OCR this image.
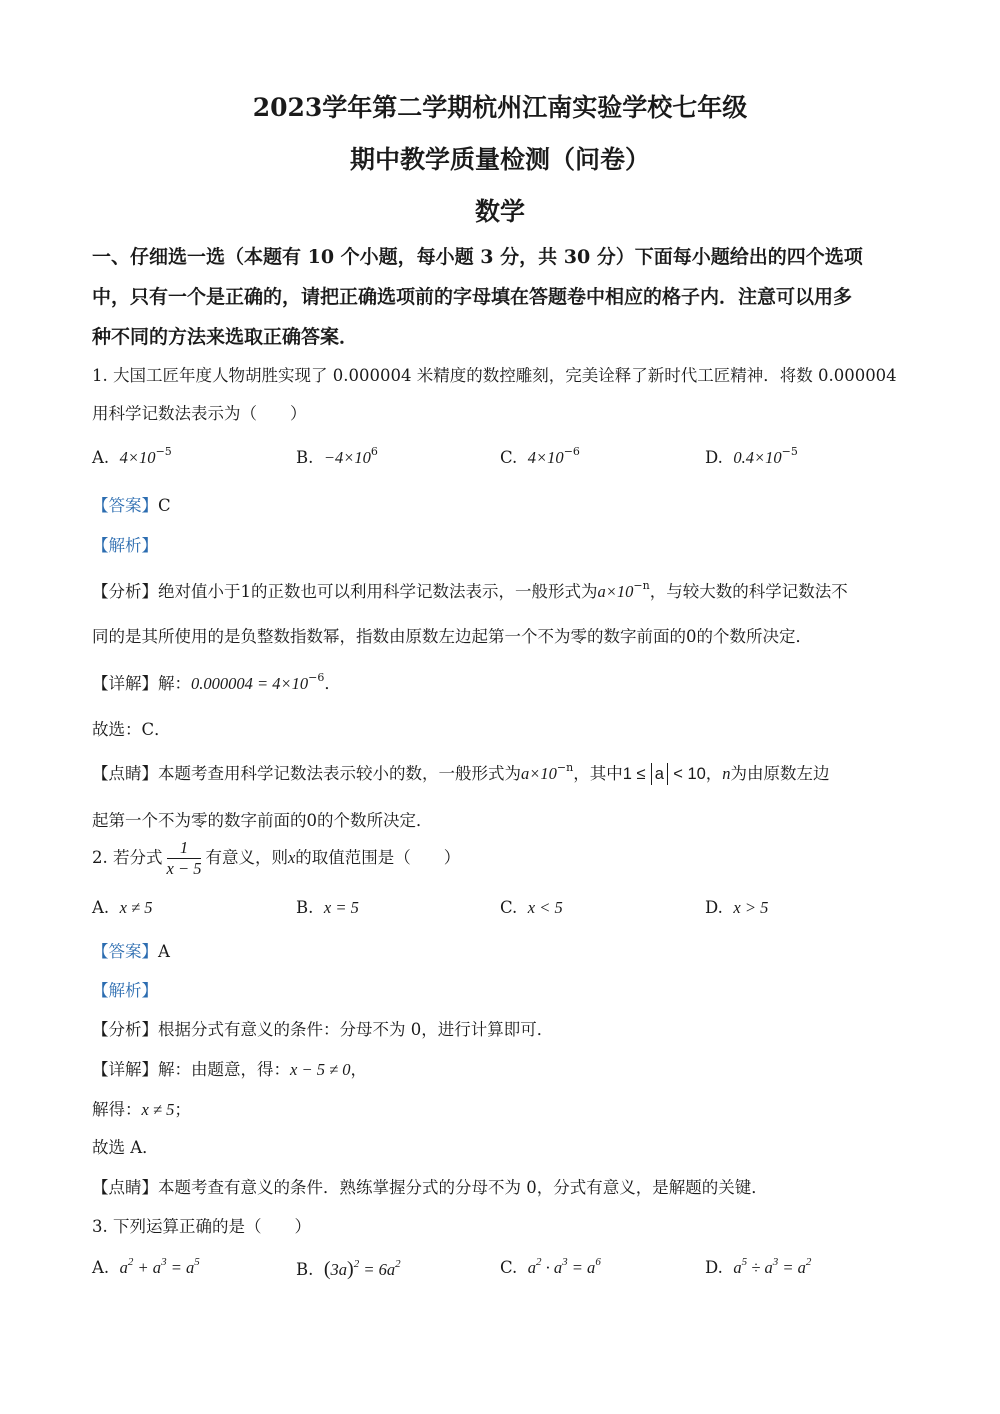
2023学年第二学期杭州江南实验学校七年级
期中教学质量检测（问卷）
数学
一、仔细选一选（本题有 10 个小题，每小题 3 分，共 30 分）下面每小题给出的四个选项
中，只有一个是正确的，请把正确选项前的字母填在答题卷中相应的格子内．注意可以用多
种不同的方法来选取正确答案．
1. 大国工匠年度人物胡胜实现了 0.000004 米精度的数控雕刻，完美诠释了新时代工匠精神．将数 0.000004
用科学记数法表示为（　　）
A. $4\times 10^{-5}$	B. $-4\times 10^6$	C. $4\times 10^{-6}$	D. $0.4\times 10^{-5}$
【答案】C
【解析】
【分析】绝对值小于1的正数也可以利用科学记数法表示，一般形式为$a\times 10^{-n}$，与较大数的科学记数法不
同的是其所使用的是负整数指数幂，指数由原数左边起第一个不为零的数字前面的0的个数所决定．
【详解】解：$0.000004 = 4\times 10^{-6}$．
故选：C．
【点睛】本题考查用科学记数法表示较小的数，一般形式为$a\times 10^{-n}$，其中1 ≤ a < 10，n为由原数左边
起第一个不为零的数字前面的0的个数所决定．
2. 若分式 $\frac{1}{x - 5}$ 有意义，则x的取值范围是（　　）
A. x ≠ 5	B. x = 5	C. x < 5	D. x > 5
【答案】A
【解析】
【分析】根据分式有意义的条件：分母不为 0，进行计算即可．
【详解】解：由题意，得：x − 5 ≠ 0，
解得：x ≠ 5；
故选 A．
【点睛】本题考查有意义的条件．熟练掌握分式的分母不为 0，分式有意义，是解题的关键．
3. 下列运算正确的是（　　）
A. $a^2 + a^3 = a^5$	B. $(3a)^2 = 6a^2$	C. $a^2 \cdot a^3 = a^6$	D. $a^5 \div a^3 = a^2$
